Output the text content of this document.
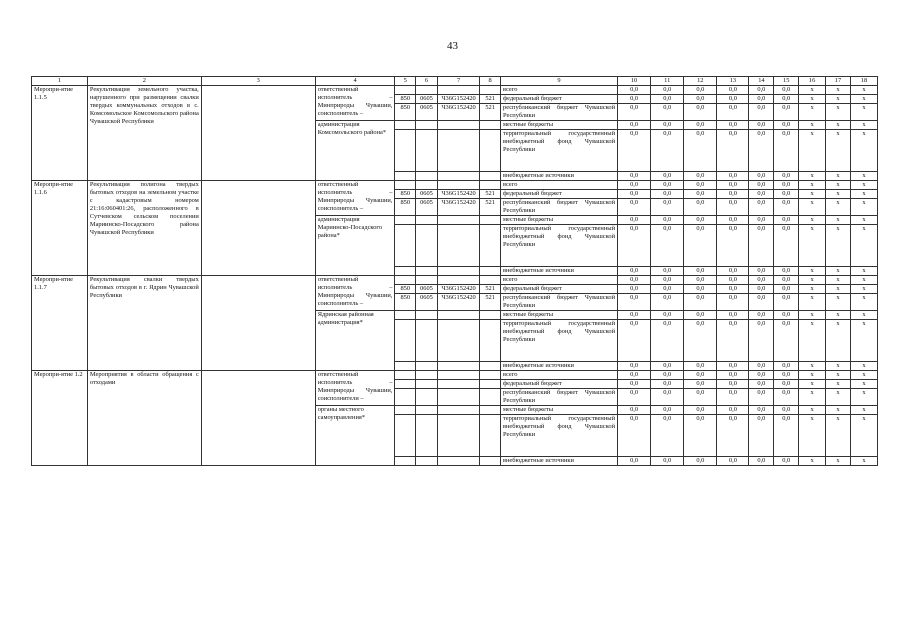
43
1	2	3	4	5	6	7	8	9	10	11	12	13	14	15	16	17	18
Меропри-ятие 1.1.5	Рекультивация земельного участка, нарушенного при размещении свалки твердых коммунальных отходов в с. Комсомольское Комсомольского района Чувашской Республики		ответственный исполнитель – Минприроды Чувашии, соисполнитель –					всего	0,0	0,0	0,0	0,0	0,0	0,0	x	x	x
				850	0605	Ч36G152420	521	федеральный бюджет	0,0	0,0	0,0	0,0	0,0	0,0	x	x	x
				850	0605	Ч36G152420	521	республиканский бюджет Чувашской Республики	0,0	0,0	0,0	0,0	0,0	0,0	x	x	x
			администрация Комсомольского района*					местные бюджеты	0,0	0,0	0,0	0,0	0,0	0,0	x	x	x
								территориальный государственный внебюджетный фонд Чувашской Республики	0,0	0,0	0,0	0,0	0,0	0,0	x	x	x
								внебюджетные источники	0,0	0,0	0,0	0,0	0,0	0,0	x	x	x
Меропри-ятие 1.1.6	Рекультивация полигона твердых бытовых отходов на земельном участке с кадастровым номером 21:16:060401:26, расположенного в Сутчевском сельском поселении Мариинско-Посадского района Чувашской Республики		ответственный исполнитель – Минприроды Чувашии, соисполнитель –					всего	0,0	0,0	0,0	0,0	0,0	0,0	x	x	x
				850	0605	Ч36G152420	521	федеральный бюджет	0,0	0,0	0,0	0,0	0,0	0,0	x	x	x
				850	0605	Ч36G152420	521	республиканский бюджет Чувашской Республики	0,0	0,0	0,0	0,0	0,0	0,0	x	x	x
			администрация Мариинско-Посадского района*					местные бюджеты	0,0	0,0	0,0	0,0	0,0	0,0	x	x	x
								территориальный государственный внебюджетный фонд Чувашской Республики	0,0	0,0	0,0	0,0	0,0	0,0	x	x	x
								внебюджетные источники	0,0	0,0	0,0	0,0	0,0	0,0	x	x	x
Меропри-ятие 1.1.7	Рекультивация свалки твердых бытовых отходов в г. Ядрин Чувашской Республики		ответственный исполнитель – Минприроды Чувашии, соисполнитель –					всего	0,0	0,0	0,0	0,0	0,0	0,0	x	x	x
				850	0605	Ч36G152420	521	федеральный бюджет	0,0	0,0	0,0	0,0	0,0	0,0	x	x	x
				850	0605	Ч36G152420	521	республиканский бюджет Чувашской Республики	0,0	0,0	0,0	0,0	0,0	0,0	x	x	x
			Ядринская районная администрация*					местные бюджеты	0,0	0,0	0,0	0,0	0,0	0,0	x	x	x
								территориальный государственный внебюджетный фонд Чувашской Республики	0,0	0,0	0,0	0,0	0,0	0,0	x	x	x
								внебюджетные источники	0,0	0,0	0,0	0,0	0,0	0,0	x	x	x
Меропри-ятие 1.2	Мероприятия в области обращения с отходами		ответственный исполнитель – Минприроды Чувашии, соисполнители –					всего	0,0	0,0	0,0	0,0	0,0	0,0	x	x	x
								федеральный бюджет	0,0	0,0	0,0	0,0	0,0	0,0	x	x	x
								республиканский бюджет Чувашской Республики	0,0	0,0	0,0	0,0	0,0	0,0	x	x	x
			органы местного самоуправления*					местные бюджеты	0,0	0,0	0,0	0,0	0,0	0,0	x	x	x
								территориальный государственный внебюджетный фонд Чувашской Республики	0,0	0,0	0,0	0,0	0,0	0,0	x	x	x
								внебюджетные источники	0,0	0,0	0,0	0,0	0,0	0,0	x	x	x
